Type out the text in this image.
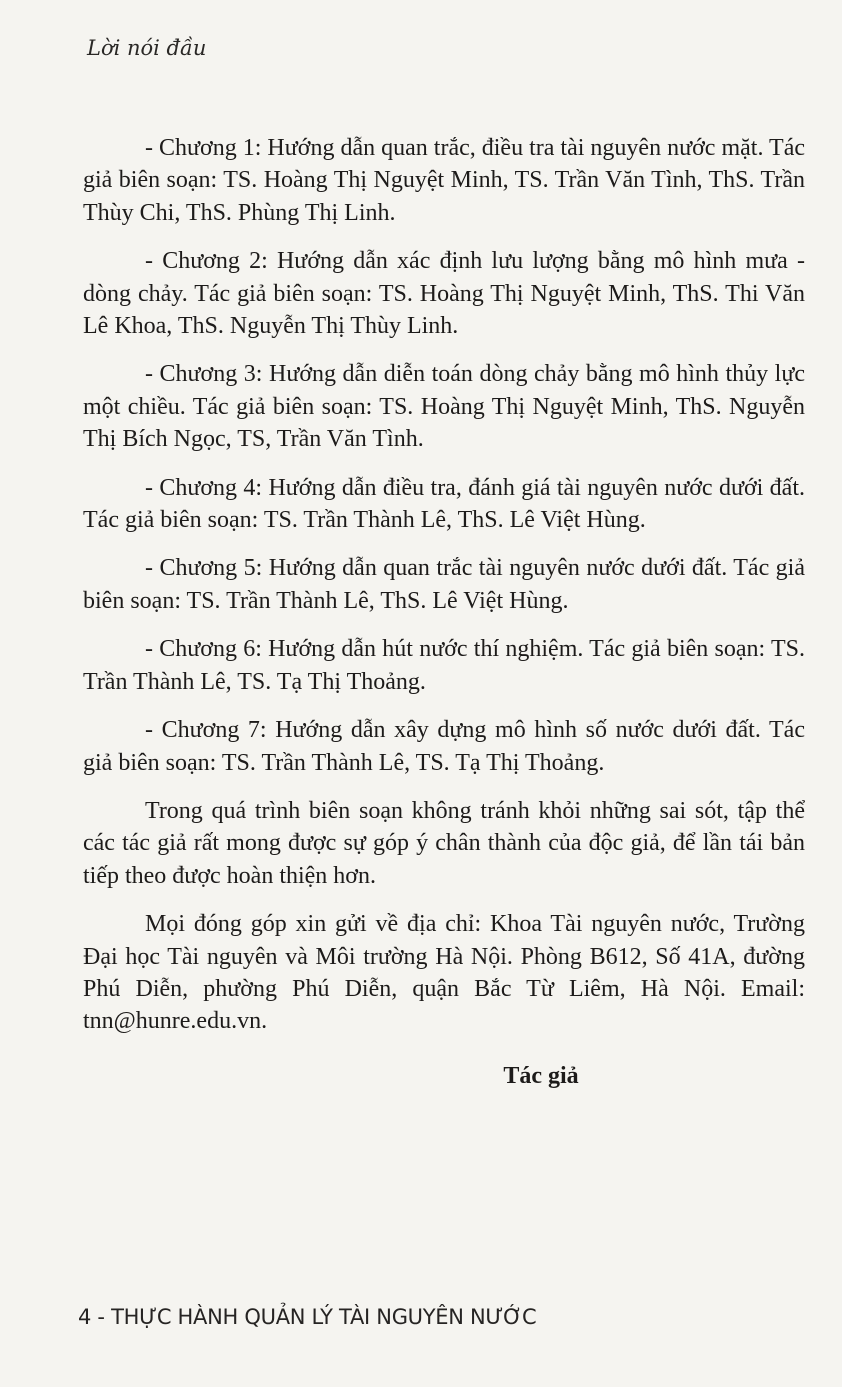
Lời nói đầu

- Chương 1: Hướng dẫn quan trắc, điều tra tài nguyên nước mặt. Tác giả biên soạn: TS. Hoàng Thị Nguyệt Minh, TS. Trần Văn Tình, ThS. Trần Thùy Chi, ThS. Phùng Thị Linh.

- Chương 2: Hướng dẫn xác định lưu lượng bằng mô hình mưa - dòng chảy. Tác giả biên soạn: TS. Hoàng Thị Nguyệt Minh, ThS. Thi Văn Lê Khoa, ThS. Nguyễn Thị Thùy Linh.

- Chương 3: Hướng dẫn diễn toán dòng chảy bằng mô hình thủy lực một chiều. Tác giả biên soạn: TS. Hoàng Thị Nguyệt Minh, ThS. Nguyễn Thị Bích Ngọc, TS, Trần Văn Tình.

- Chương 4: Hướng dẫn điều tra, đánh giá tài nguyên nước dưới đất. Tác giả biên soạn: TS. Trần Thành Lê, ThS. Lê Việt Hùng.

- Chương 5: Hướng dẫn quan trắc tài nguyên nước dưới đất. Tác giả biên soạn: TS. Trần Thành Lê, ThS. Lê Việt Hùng.

- Chương 6: Hướng dẫn hút nước thí nghiệm. Tác giả biên soạn: TS. Trần Thành Lê, TS. Tạ Thị Thoảng.

- Chương 7: Hướng dẫn xây dựng mô hình số nước dưới đất. Tác giả biên soạn: TS. Trần Thành Lê, TS. Tạ Thị Thoảng.

Trong quá trình biên soạn không tránh khỏi những sai sót, tập thể các tác giả rất mong được sự góp ý chân thành của độc giả, để lần tái bản tiếp theo được hoàn thiện hơn.

Mọi đóng góp xin gửi về địa chỉ: Khoa Tài nguyên nước, Trường Đại học Tài nguyên và Môi trường Hà Nội. Phòng B612, Số 41A, đường Phú Diễn, phường Phú Diễn, quận Bắc Từ Liêm, Hà Nội. Email: tnn@hunre.edu.vn.

Tác giả
4 - THỰC HÀNH QUẢN LÝ TÀI NGUYÊN NƯỚC
